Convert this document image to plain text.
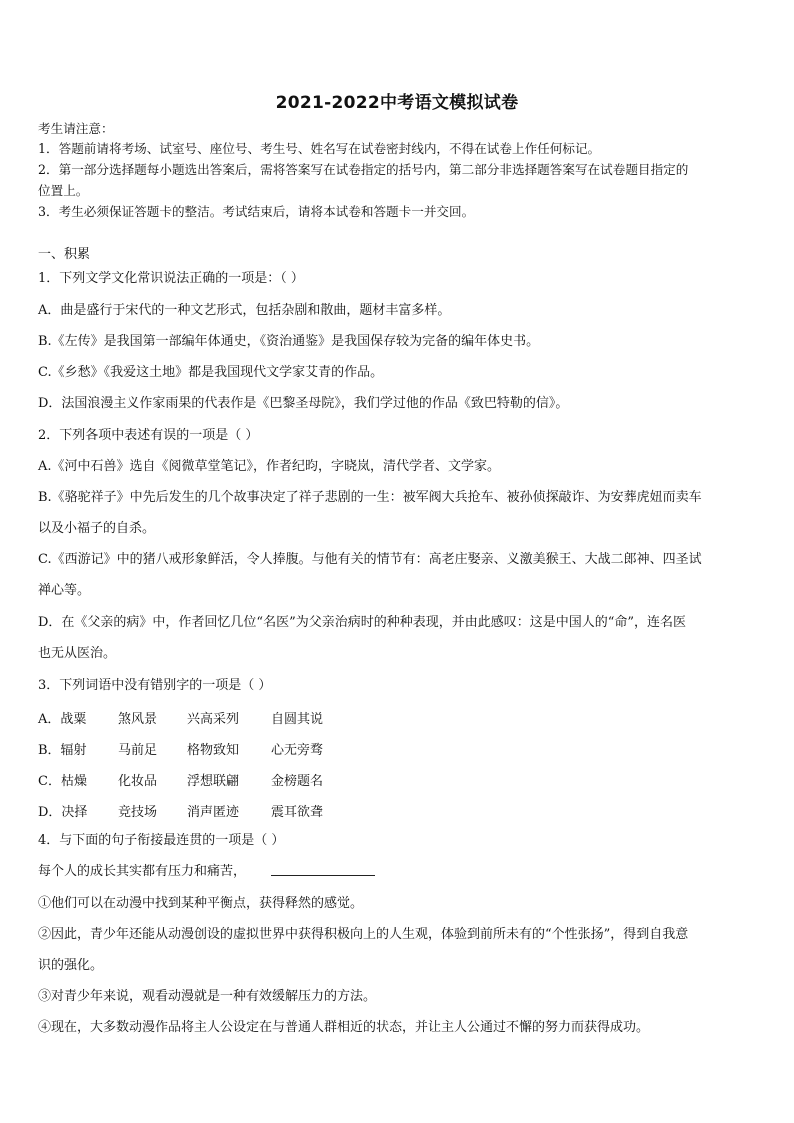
2021-2022中考语文模拟试卷
考生请注意：
1．答题前请将考场、试室号、座位号、考生号、姓名写在试卷密封线内，不得在试卷上作任何标记。
2．第一部分选择题每小题选出答案后，需将答案写在试卷指定的括号内，第二部分非选择题答案写在试卷题目指定的
位置上。
3．考生必须保证答题卡的整洁。考试结束后，请将本试卷和答题卡一并交回。
一、积累
1．下列文学文化常识说法正确的一项是：（ ）
A．曲是盛行于宋代的一种文艺形式，包括杂剧和散曲，题材丰富多样。
B.《左传》是我国第一部编年体通史，《资治通鉴》是我国保存较为完备的编年体史书。
C.《乡愁》《我爱这土地》都是我国现代文学家艾青的作品。
D．法国浪漫主义作家雨果的代表作是《巴黎圣母院》，我们学过他的作品《致巴特勒的信》。
2．下列各项中表述有误的一项是（ ）
A.《河中石兽》选自《阅微草堂笔记》，作者纪昀，字晓岚，清代学者、文学家。
B.《骆驼祥子》中先后发生的几个故事决定了祥子悲剧的一生：被军阀大兵抢车、被孙侦探敲诈、为安葬虎妞而卖车
以及小福子的自杀。
C.《西游记》中的猪八戒形象鲜活，令人捧腹。与他有关的情节有：高老庄娶亲、义激美猴王、大战二郎神、四圣试
禅心等。
D．在《父亲的病》中，作者回忆几位“名医”为父亲治病时的种种表现，并由此感叹：这是中国人的“命”，连名医
也无从医治。
3．下列词语中没有错别字的一项是（ ）
A．战粟 煞风景 兴高采列 自圆其说
B．辐射 马前足 格物致知 心无旁骛
C．枯燥 化妆品 浮想联翩 金榜题名
D．决择 竞技场 消声匿迹 震耳欲聋
4．与下面的句子衔接最连贯的一项是（ ）
每个人的成长其实都有压力和痛苦，
①他们可以在动漫中找到某种平衡点，获得释然的感觉。
②因此，青少年还能从动漫创设的虚拟世界中获得积极向上的人生观，体验到前所未有的“个性张扬”，得到自我意
识的强化。
③对青少年来说，观看动漫就是一种有效缓解压力的方法。
④现在，大多数动漫作品将主人公设定在与普通人群相近的状态，并让主人公通过不懈的努力而获得成功。
